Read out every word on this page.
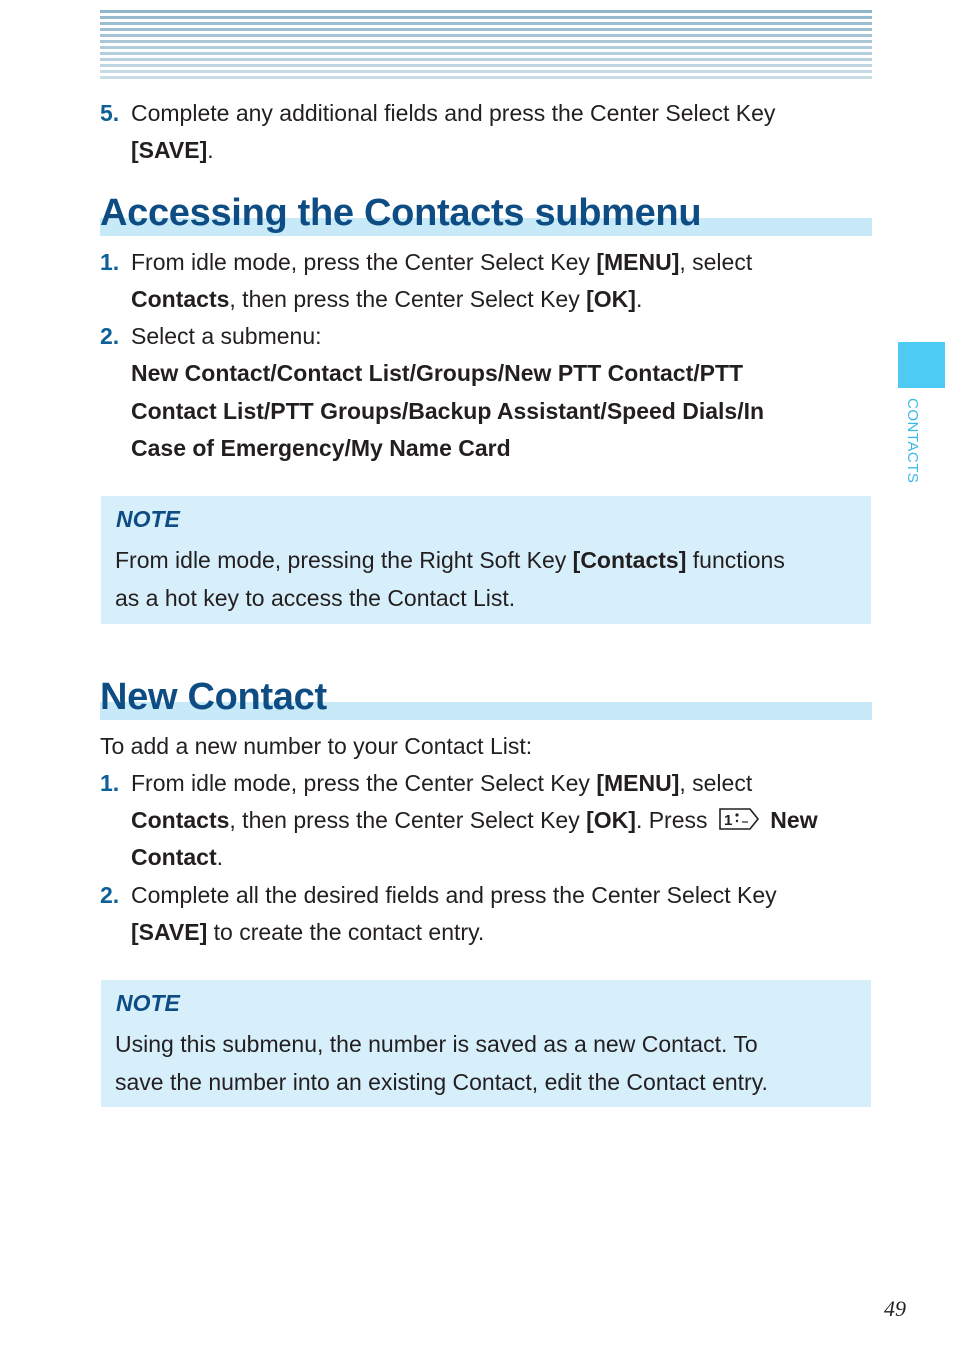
5. Complete any additional fields and press the Center Select Key
[SAVE].
Accessing the Contacts submenu
1. From idle mode, press the Center Select Key [MENU], select
Contacts, then press the Center Select Key [OK].
2. Select a submenu:
New Contact/Contact List/Groups/New PTT Contact/PTT
Contact List/PTT Groups/Backup Assistant/Speed Dials/In
Case of Emergency/My Name Card
NOTE
From idle mode, pressing the Right Soft Key [Contacts] functions
as a hot key to access the Contact List.
New Contact
To add a new number to your Contact List:
1. From idle mode, press the Center Select Key [MENU], select
Contacts, then press the Center Select Key [OK]. Press 1 New
Contact.
2. Complete all the desired fields and press the Center Select Key
[SAVE] to create the contact entry.
NOTE
Using this submenu, the number is saved as a new Contact. To
save the number into an existing Contact, edit the Contact entry.
CONTACTS
49
